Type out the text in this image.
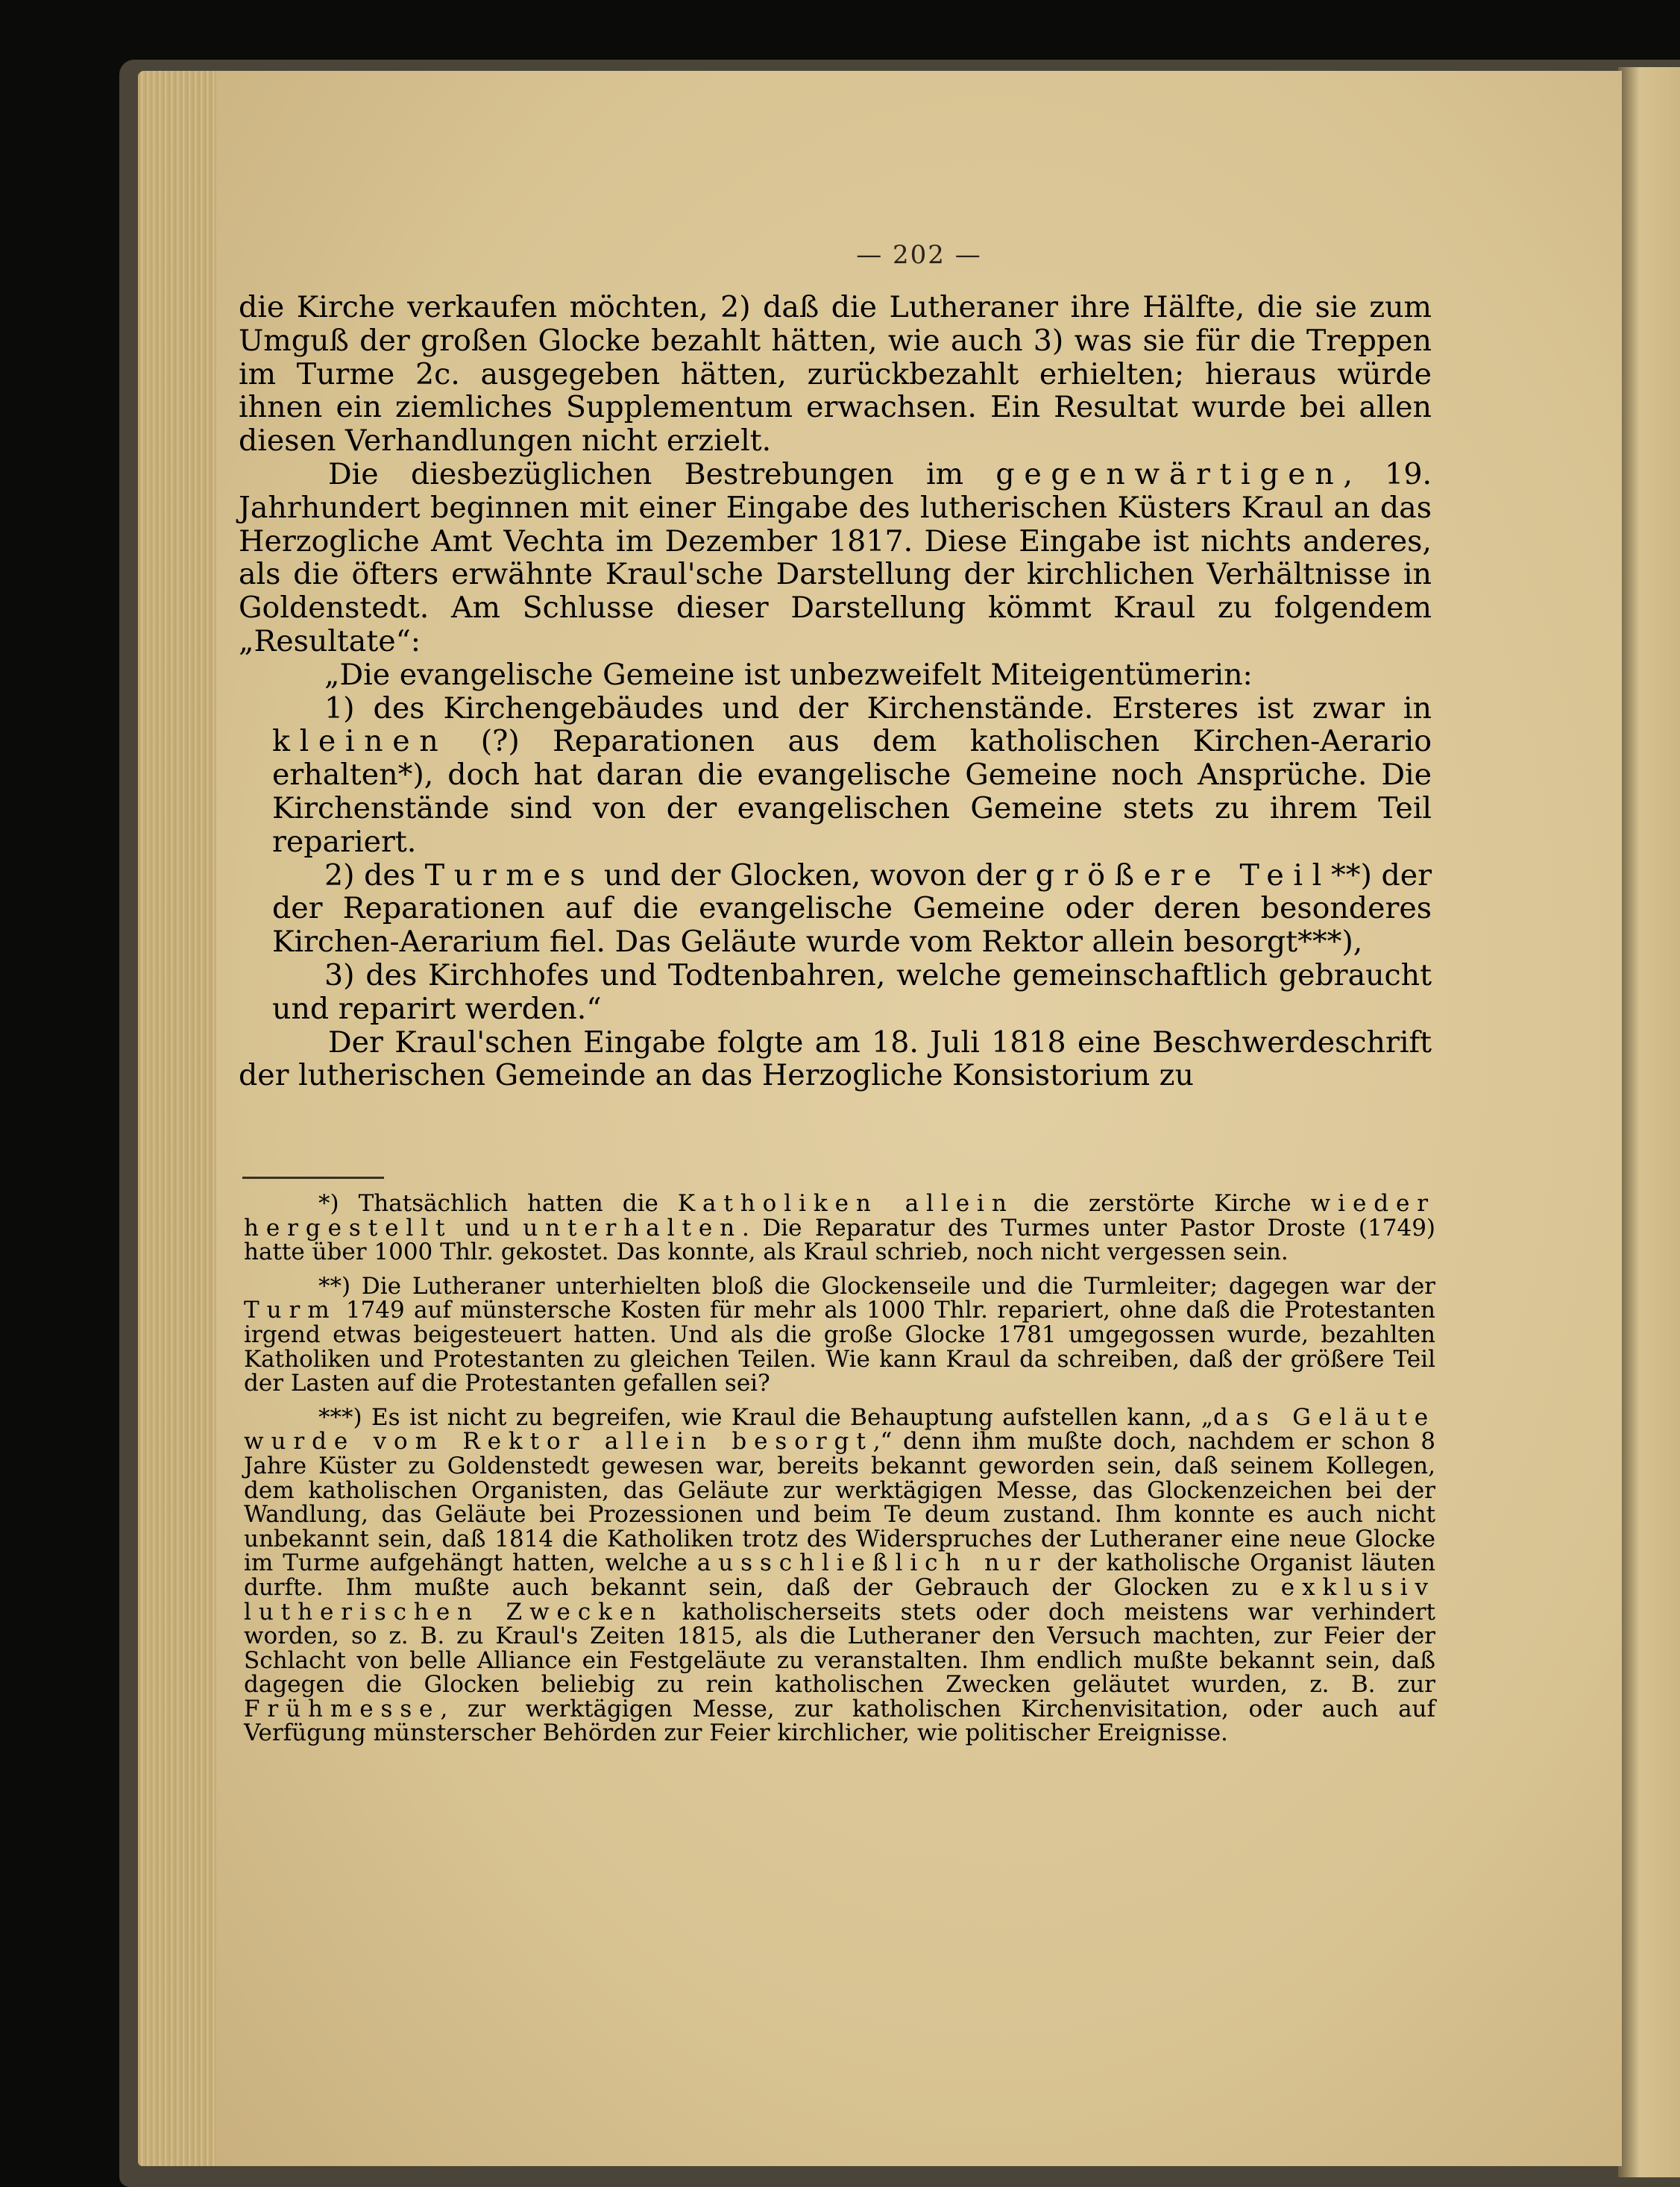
— 202 —

die Kirche verkaufen möchten, 2) daß die Lutheraner ihre Hälfte, die sie zum Umguß der großen Glocke bezahlt hätten, wie auch 3) was sie für die Treppen im Turme 2c. ausgegeben hätten, zurückbezahlt erhielten; hieraus würde ihnen ein ziemliches Supplementum erwachsen. Ein Resultat wurde bei allen diesen Verhandlungen nicht erzielt.

Die diesbezüglichen Bestrebungen im gegenwärtigen, 19. Jahrhundert beginnen mit einer Eingabe des lutherischen Küsters Kraul an das Herzogliche Amt Vechta im Dezember 1817. Diese Eingabe ist nichts anderes, als die öfters erwähnte Kraul'sche Darstellung der kirchlichen Verhältnisse in Goldenstedt. Am Schlusse dieser Darstellung kömmt Kraul zu folgendem „Resultate“:

„Die evangelische Gemeine ist unbezweifelt Miteigentümerin:

1) des Kirchengebäudes und der Kirchenstände. Ersteres ist zwar in kleinen (?) Reparationen aus dem katholischen Kirchen-Aerario erhalten*), doch hat daran die evangelische Gemeine noch Ansprüche. Die Kirchenstände sind von der evangelischen Gemeine stets zu ihrem Teil repariert.

2) des Turmes und der Glocken, wovon der größere Teil**) der der Reparationen auf die evangelische Gemeine oder deren besonderes Kirchen-Aerarium fiel. Das Geläute wurde vom Rektor allein besorgt***),

3) des Kirchhofes und Todtenbahren, welche gemeinschaftlich gebraucht und reparirt werden.“

Der Kraul'schen Eingabe folgte am 18. Juli 1818 eine Beschwerdeschrift der lutherischen Gemeinde an das Herzogliche Konsistorium zu

*) Thatsächlich hatten die Katholiken allein die zerstörte Kirche wieder hergestellt und unterhalten. Die Reparatur des Turmes unter Pastor Droste (1749) hatte über 1000 Thlr. gekostet. Das konnte, als Kraul schrieb, noch nicht vergessen sein.

**) Die Lutheraner unterhielten bloß die Glockenseile und die Turmleiter; dagegen war der Turm 1749 auf münstersche Kosten für mehr als 1000 Thlr. repariert, ohne daß die Protestanten irgend etwas beigesteuert hatten. Und als die große Glocke 1781 umgegossen wurde, bezahlten Katholiken und Protestanten zu gleichen Teilen. Wie kann Kraul da schreiben, daß der größere Teil der Lasten auf die Protestanten gefallen sei?

***) Es ist nicht zu begreifen, wie Kraul die Behauptung aufstellen kann, „das Geläute wurde vom Rektor allein besorgt,“ denn ihm mußte doch, nachdem er schon 8 Jahre Küster zu Goldenstedt gewesen war, bereits bekannt geworden sein, daß seinem Kollegen, dem katholischen Organisten, das Geläute zur werktägigen Messe, das Glockenzeichen bei der Wandlung, das Geläute bei Prozessionen und beim Te deum zustand. Ihm konnte es auch nicht unbekannt sein, daß 1814 die Katholiken trotz des Widerspruches der Lutheraner eine neue Glocke im Turme aufgehängt hatten, welche ausschließlich nur der katholische Organist läuten durfte. Ihm mußte auch bekannt sein, daß der Gebrauch der Glocken zu exklusiv lutherischen Zwecken katholischerseits stets oder doch meistens war verhindert worden, so z. B. zu Kraul's Zeiten 1815, als die Lutheraner den Versuch machten, zur Feier der Schlacht von belle Alliance ein Festgeläute zu veranstalten. Ihm endlich mußte bekannt sein, daß dagegen die Glocken beliebig zu rein katholischen Zwecken geläutet wurden, z. B. zur Frühmesse, zur werktägigen Messe, zur katholischen Kirchenvisitation, oder auch auf Verfügung münsterscher Behörden zur Feier kirchlicher, wie politischer Ereignisse.
